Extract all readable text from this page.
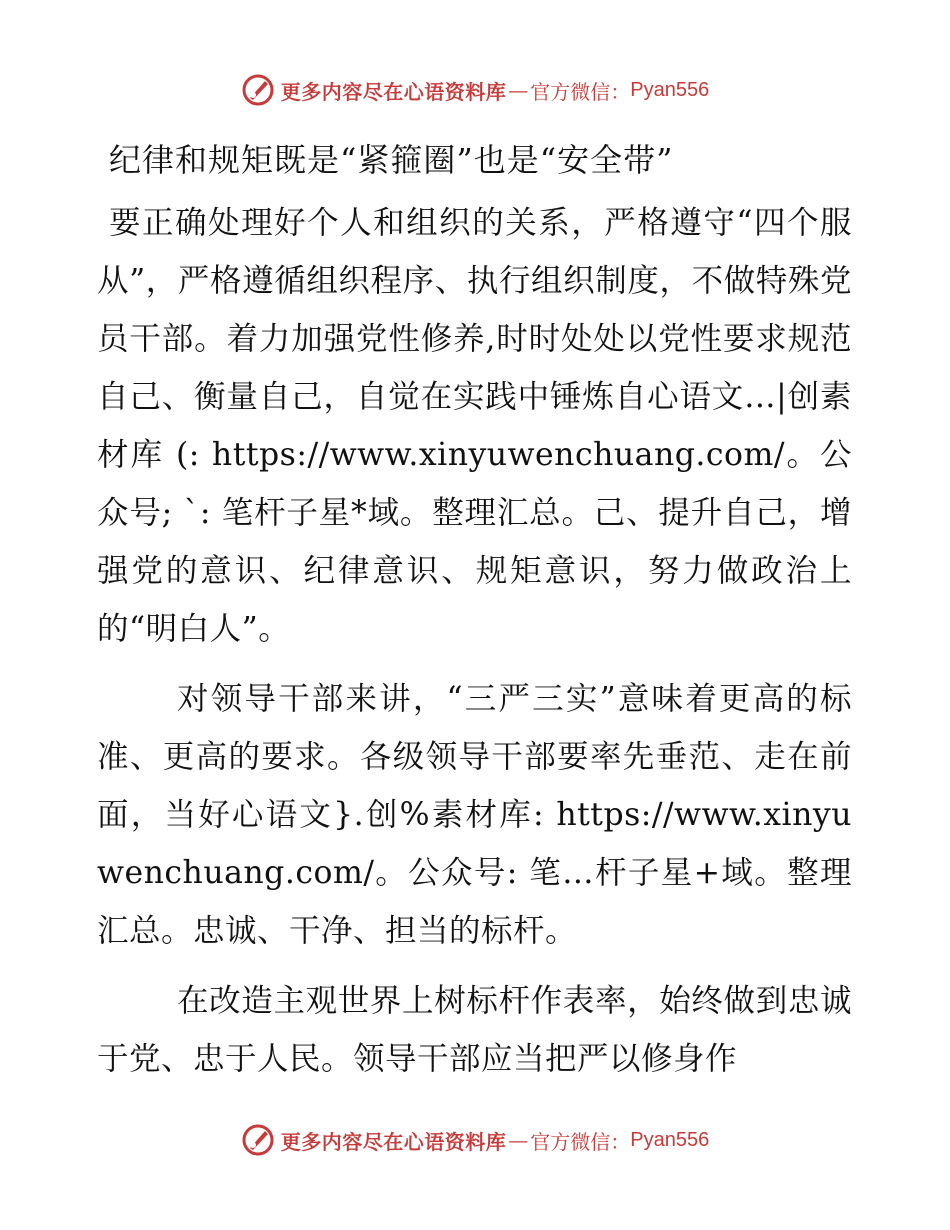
更多内容尽在心语资料库 — 官方微信： Pyan556
纪律和规矩既是“紧箍圈”也是“安全带”

要正确处理好个人和组织的关系，严格遵守“四个服从”，严格遵循组织程序、执行组织制度，不做特殊党员干部。着力加强党性修养,时时处处以党性要求规范自己、衡量自己，自觉在实践中锤炼自心语文…|创素材库 (: https://www.xinyuwenchuang.com/。公众号; `: 笔杆子星*域。整理汇总。己、提升自己，增强党的意识、纪律意识、规矩意识，努力做政治上的“明白人”。

对领导干部来讲，“三严三实”意味着更高的标准、更高的要求。各级领导干部要率先垂范、走在前面，当好心语文}.创%素材库: https://www.xinyuwenchuang.com/。公众号: 笔…杆子星+域。整理汇总。忠诚、干净、担当的标杆。

在改造主观世界上树标杆作表率，始终做到忠诚于党、忠于人民。领导干部应当把严以修身作

更多内容尽在心语资料库 — 官方微信： Pyan556
